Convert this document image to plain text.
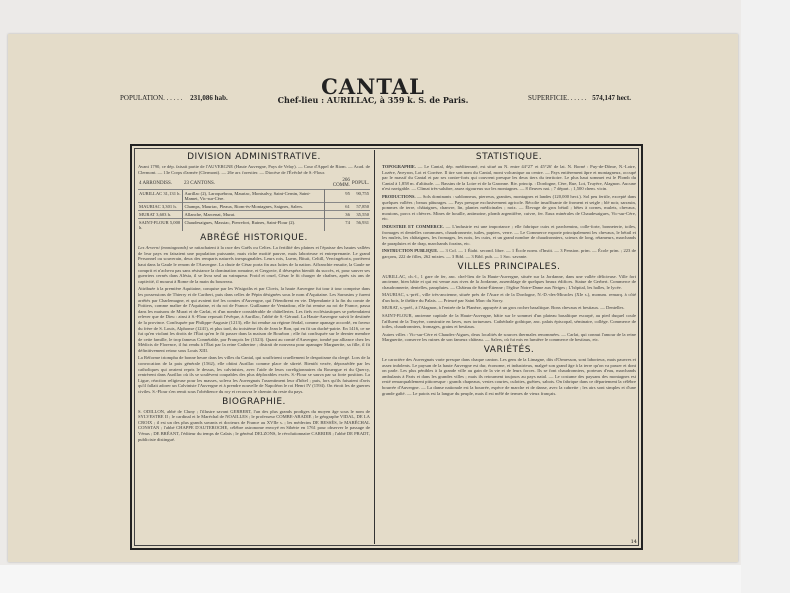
CANTAL
POPULATION. . . . . . 231,086 hab.	SUPERFICIE. . . . . . 574,147 hect.
Chef-lieu : AURILLAC, à 359 k. S. de Paris.
DIVISION ADMINISTRATIVE.

Avant 1790, ce dép. faisait partie de l'AUVERGNE (Haute Auvergne, Pays de Velay). — Cour d'Appel de Riom. — Acad. de Clermont. — 13e Corps d'armée (Clermont). — 26e arr. forestier. — Diocèse de l'Évêché de S.-Flour.

4 ARRONDISS.	23 CANTONS.	266 COMM.	POPUL.
AURILLAC 31,131 h.	Aurillac (2), Laroquebrou, Mauriac, Montsalvy, Saint-Cernin, Saint-Mamet, Vic-sur-Cère.	95	90,755
MAURIAC 3,301 h.	Champs, Mauriac, Pleaux, Riom-ès-Montagnes, Saignes, Salers.	61	57,850
MURAT 3,603 h.	Allanche, Marcenat, Murat.	36	35,550
SAINT-FLOUR 5,000 h.	Chaudesaigues, Massiac, Pierrefort, Ruines, Saint-Flour (2).	74	56,931
ABRÉGÉ HISTORIQUE.

Les Arverni (montagnards) se rattachaient à la race des Gaëls ou Celtes. La fertilité des plaines et l'épaisse des hautes vallées de leur pays en faisaient une population puissante, mais riche moitié pauvre, mais laborieuse et entreprenante. Le grand Personnel ou souverain, deux des remparts naturels inexpugnables. Leurs rois, Luern, Bituit, Celtill, Vercingétorix, portèrent haut dans la Gaule le renom de l'Auvergne. La chute de César porta fin aux luttes de la nation. Affranchie ensuite, la Gaule ne comprit et n'acheva pas sans résistance la domination romaine, et Gergovie, il désespéra bientôt du succès, et, pour sauver ses guerriers cernés dans Alésia, il se livra seul au vainqueur. Froid et cruel, César le fit charger de chaînes, après six ans de captivité, il mourut à Rome de la main du bourreau.

Attribuée à la première Aquitaine, conquise par les Wisigoths et par Clovis, la haute Auvergne fut tour à tour comprise dans les possessions de Thierry et de Caribert, puis dans celles de Pépin désignées sous le nom d'Aquitaine. Les Sarrasins y furent arrêtés par Charlemagne, et qui avaient tiré les comtes d'Auvergne, qui l'étendirent en vie. Dépendante à la fin du comte de Poitiers, comme maître de l'Aquitaine, et du roi de France. Guillaume de Ventadour, elle fut remise au roi de France, passa dans les maisons de Murat et de Carlat, et d'un nombre considérable de châtelleries. Les fiefs ecclésiastiques se prétendaient relever que de Dieu : ainsi à S.-Flour reposait l'évêque, à Aurillac, l'abbé de S.-Géraud. La Haute-Auvergne suivit le destinée de la province. Confisquée par Philippe-Auguste (1213), elle fut rendue au régime féodal, comme apanage accordé, en faveur du frère de S. Louis, Alphonse (1241), et plus tard, du troisième fils de Jean le Bon, qui en fit un duché-pairie. En 1416, ce ne fut qu'en violant les droits de l'État qu'en le fit passer dans la maison de Bourbon ; elle fut confisquée sur le dernier membre de cette famille, le trop fameux Connétable, par François Ier (1523). Quant au comté d'Auvergne, tombé par alliance chez les Médicis de Florence, il fut rendu à l'État par la reine Catherine ; distrait de nouveau pour apanager Marguerite, sa fille, il fit définitivement retour sous Louis XIII.

La Réforme triompha de bonne heure dans les villes du Cantal, qui souffrirent cruellement le despotisme du clergé. Lors de la convocation de la paix générale (1562), elle obtint Aurillac comme place de sûreté. Bientôt vexée, dépossédée par les catholiques qui avaient repris le dessus, les calvinistes, avec l'aide de leurs coreligionnaires du Rouergue et du Quercy, rentrèrent dans Aurillac où ils se soulèvent coupables des plus déplorables excès. S.-Flour se sauva par sa forte position. La Ligue, réaction religieuse pour les masses, soleva les Auvergnats l'assentiment leur d'hôtel ; puis, lors qu'ils faisaient d'avis qu'il fallait adorer un Calviniste l'Auvergne et à prendre nouvelle de Napoléon le roi Henri IV (1594). On étroit les de guerres civiles. S.-Flour s'en remit sous l'obédience du roy et recouvra le chemin du reste du pays.

BIOGRAPHIE.

S. ODILLON, abbé de Cluny ; l'illustre savant GERBERT, l'un des plus grands prodiges du moyen âge sous le nom de SYLVESTRE II ; le cardinal et le Maréchal de NOAILLES ; le professeur COMBE-ABADIE ; le géographe VIDAL, DE LA CROIX ; il est un des plus grands savants et docteurs de France au XVIIe s. ; les médecins DE BESSÈS, le MARÉCHAL CONSTAN ; l'abbé CHAPPE D'AUTEROCHE, célèbre astronome envoyé en Sibérie en 1761 pour observer le passage de Vénus ; DE BRÉANT, l'éditeur du temps de Calais ; le général DELZONS, le révolutionnaire CARRIER ; l'abbé DE PRADT, publiciste distingué.

STATISTIQUE.

TOPOGRAPHIE. — Le Cantal, dép. méditerrané, est situé au N. entre 44°27' et 45°26' de lat. N. Borné : Puy-de-Dôme, N.-Loire, Lozère, Aveyron, Lot et Corrèze. Il tire son nom du Cantal, mont volcanique au centre. — Pays entièrement âpre et montagneux, occupé par le massif du Cantal et par ses contre-forts qui couvrent presque les deux tiers du territoire. Le plus haut sommet est le Plomb du Cantal à 1,858 m. d'altitude. — Bassins de la Loire et de la Garonne. Riv. princip. : Dordogne, Cère, Rue, Lot, Truyère, Alagnon. Aucune n'est navigable. — Climat très-salubre, assez rigoureux sur les montagnes. — 8 fleuves nat. ; 7 départ. ; 1,500 chem. vicin.

PRODUCTIONS. — Sols dominants : sablonneux, pierreux, granites, montagnes et landes (120,000 hect.). Sol peu fertile, excepté dans quelques vallées ; beaux pâturages. — Pays presque exclusivement agricole. Récolte insuffisante de froment et seigle ; blé noir, sarrasin, pommes de terre, châtaignes, chanvre, lin, plantes médicinales ; noix. — Élevage de gros bétail ; bêtes à cornes, mulets, chevaux, moutons, porcs et chèvres. Mines de houille, antimoine, plomb argentifère, cuivre, fer. Eaux minérales de Chaudesaigues, Vic-sur-Cère, etc.

INDUSTRIE ET COMMERCE. — L'industrie est une importance ; elle fabrique cuirs et parchemins, colle-forte, bonneterie, toiles, fromages et dentelles communes, chaudronnerie, tuiles, papiers, verre. — Le Commerce exporte principalement les chevaux, le bétail et les mulets, les châtaignes, les fromages, les noix, les cuirs, et un grand nombre de chaudronniers, scieurs de long, rétameurs, marchands de parapluies et de drap, marchands forains, etc.

INSTRUCTION PUBLIQUE. — 3 Col. — 1 Étabt. second. libre. — 1 École norm. d'Instit. — 3 Pension. prim. — École prim. ; 223 de garçons, 222 de filles, 262 mixtes. — 3 Bibl. — 3 Bibl. pub. — 1 Soc. savante.

VILLES PRINCIPALES.

AURILLAC, ch.-l., 1 gare de fer, anc. chef-lieu de la Haute-Auvergne, située sur la Jordanne, dans une vallée délicieuse. Ville fort ancienne, bien bâtie et qui est venue aux rives de la Jordanne, assemblage de quelques beaux édifices. Statue de Gerbert. Commerce de chaudronnerie, dentelles, parapluies. — Château de Saint-Étienne ; l'église Notre-Dame aux Neiges ; L'hôpital, les halles, le lycée.

MAURIAC, s.-préf., ville très-ancienne, située près de l'Auze et de la Dordogne, N.-D.-des-Miracles (XIe s.), monum. remarq. à côté d'un bois, le théâtre du Palais. — Prieuré par Saint Marc du Sorry.

MURAT, s.-préf., à l'Alagnon, à l'entrée de la Planèze, appuyée à un gros rocher basaltique. Bons chevaux et bestiaux. — Dentelles.

SAINT-FLOUR, ancienne capitale de la Haute-Auvergne, bâtie sur le sommet d'un plateau basaltique escarpé, au pied duquel coule l'affluent de la Truyère, construite en laves, rues tortueuses. Cathédrale gothique, anc. palais épiscopal, séminaire, collège. Commerce de toiles, chaudronniers, fromages, grains et bestiaux.

Autres villes : Vic-sur-Cère et Chaudes-Aigues, deux localités de sources thermales renommées. — Carlat, qui connut l'amour de la reine Marguerite, conserve les ruines de son fameux château. — Salers, où fut mis en lumière le commerce de bestiaux, etc.

VARIÉTÉS.

Le caractère des Auvergnats varie presque dans chaque canton. Les gens de la Limagne, dits d'Ormesson, sont laborieux, mais pauvres et assez indolents. Le paysan de la haute Auvergne est dur, économe, et industrieux, malgré son grand âge à la terre qu'on va passer et dont on parle. Les plus pénibles à la grande ville au gain de la vie et de leurs forces. Ils se font chaudronniers, porteurs d'eau, marchands ambulants à Paris et dans les grandes villes ; mais ils retournent toujours au pays natal. — Le costume des paysans des montagnes est resté remarquablement pittoresque : grands chapeaux, vestes courtes, culottes, guêtres, sabots. On fabrique dans ce département la célèbre bourrée d'Auvergne. — La danse nationale est la bourrée, espèce de marche et de danse, avec la cabrette ; les airs sont simples et d'une grande gaîté. — Le patois est la langue du peuple, mais il est mêlé de termes de vieux français.

14
